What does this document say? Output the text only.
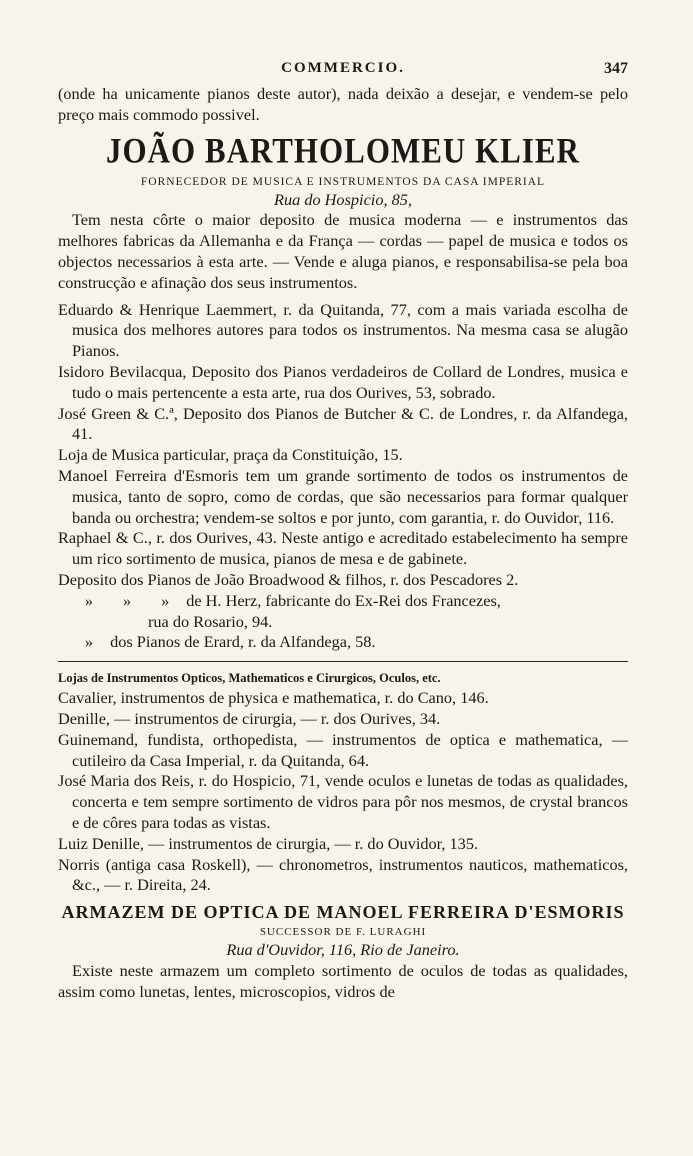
COMMERCIO.	347

(onde ha unicamente pianos deste autor), nada deixão a desejar, e vendem-se pelo preço mais commodo possivel.

JOÃO BARTHOLOMEU KLIER
FORNECEDOR DE MUSICA E INSTRUMENTOS DA CASA IMPERIAL
Rua do Hospicio, 85,

Tem nesta côrte o maior deposito de musica moderna — e instrumentos das melhores fabricas da Allemanha e da França — cordas — papel de musica e todos os objectos necessarios à esta arte. — Vende e aluga pianos, e responsabilisa-se pela boa construcção e afinação dos seus instrumentos.

Eduardo & Henrique Laemmert, r. da Quitanda, 77, com a mais variada escolha de musica dos melhores autores para todos os instrumentos. Na mesma casa se alugão Pianos.

Isidoro Bevilacqua, Deposito dos Pianos verdadeiros de Collard de Londres, musica e tudo o mais pertencente a esta arte, rua dos Ourives, 53, sobrado.

José Green & C.ª, Deposito dos Pianos de Butcher & C. de Londres, r. da Alfandega, 41.

Loja de Musica particular, praça da Constituição, 15.

Manoel Ferreira d'Esmoris tem um grande sortimento de todos os instrumentos de musica, tanto de sopro, como de cordas, que são necessarios para formar qualquer banda ou orchestra; vendem-se soltos e por junto, com garantia, r. do Ouvidor, 116.

Raphael & C., r. dos Ourives, 43. Neste antigo e acreditado estabelecimento ha sempre um rico sortimento de musica, pianos de mesa e de gabinete.

Deposito dos Pianos de João Broadwood & filhos, r. dos Pescadores 2.

» » » de H. Herz, fabricante do Ex-Rei dos Francezes,

rua do Rosario, 94.

» dos Pianos de Erard, r. da Alfandega, 58.

Lojas de Instrumentos Opticos, Mathematicos e Cirurgicos, Oculos, etc.

Cavalier, instrumentos de physica e mathematica, r. do Cano, 146.

Denille, — instrumentos de cirurgia, — r. dos Ourives, 34.

Guinemand, fundista, orthopedista, — instrumentos de optica e mathematica, — cutileiro da Casa Imperial, r. da Quitanda, 64.

José Maria dos Reis, r. do Hospicio, 71, vende oculos e lunetas de todas as qualidades, concerta e tem sempre sortimento de vidros para pôr nos mesmos, de crystal brancos e de côres para todas as vistas.

Luiz Denille, — instrumentos de cirurgia, — r. do Ouvidor, 135.

Norris (antiga casa Roskell), — chronometros, instrumentos nauticos, mathematicos, &c., — r. Direita, 24.

ARMAZEM DE OPTICA DE MANOEL FERREIRA D'ESMORIS
SUCCESSOR DE F. LURAGHI
Rua d'Ouvidor, 116, Rio de Janeiro.

Existe neste armazem um completo sortimento de oculos de todas as qualidades, assim como lunetas, lentes, microscopios, vidros de
